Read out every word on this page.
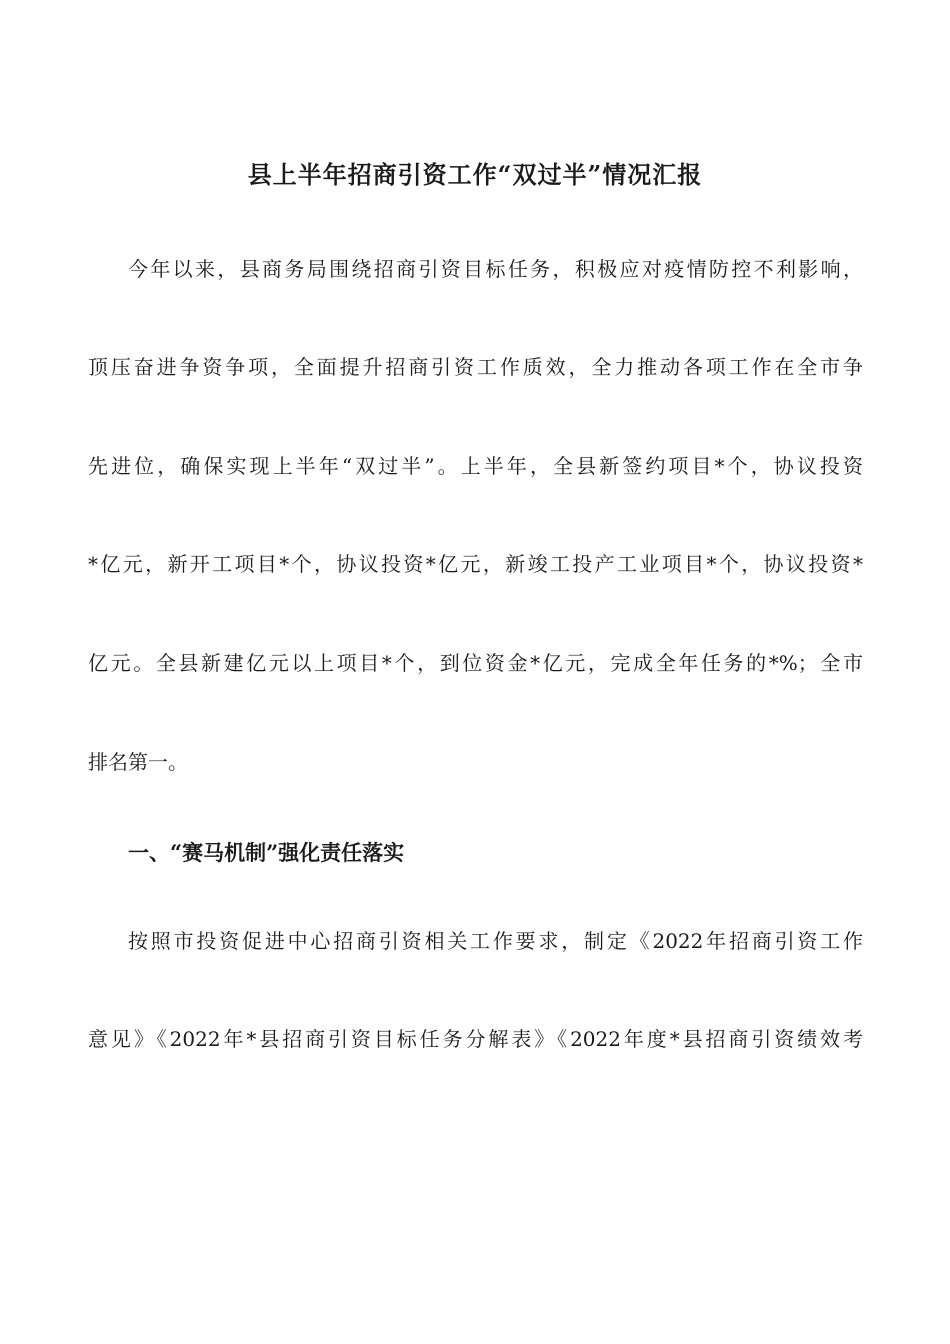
县上半年招商引资工作“双过半”情况汇报
今年以来，县商务局围绕招商引资目标任务，积极应对疫情防控不利影响，
顶压奋进争资争项，全面提升招商引资工作质效，全力推动各项工作在全市争
先进位，确保实现上半年“双过半”。上半年，全县新签约项目*个，协议投资
*亿元，新开工项目*个，协议投资*亿元，新竣工投产工业项目*个，协议投资*
亿元。全县新建亿元以上项目*个，到位资金*亿元，完成全年任务的*%；全市
排名第一。
一、“赛马机制”强化责任落实
按照市投资促进中心招商引资相关工作要求，制定《2022年招商引资工作
意见》《2022年*县招商引资目标任务分解表》《2022年度*县招商引资绩效考
